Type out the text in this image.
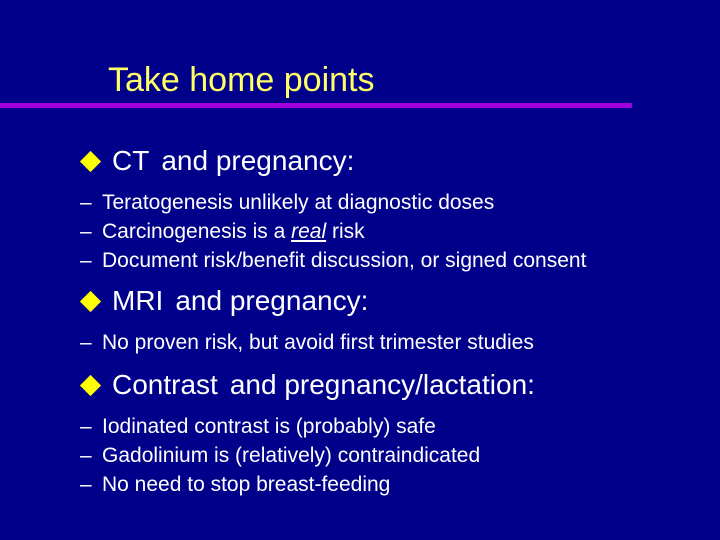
Take home points
CT and pregnancy:
– Teratogenesis unlikely at diagnostic doses
– Carcinogenesis is a real risk
– Document risk/benefit discussion, or signed consent
MRI and pregnancy:
– No proven risk, but avoid first trimester studies
Contrast and pregnancy/lactation:
– Iodinated contrast is (probably) safe
– Gadolinium is (relatively) contraindicated
– No need to stop breast-feeding
